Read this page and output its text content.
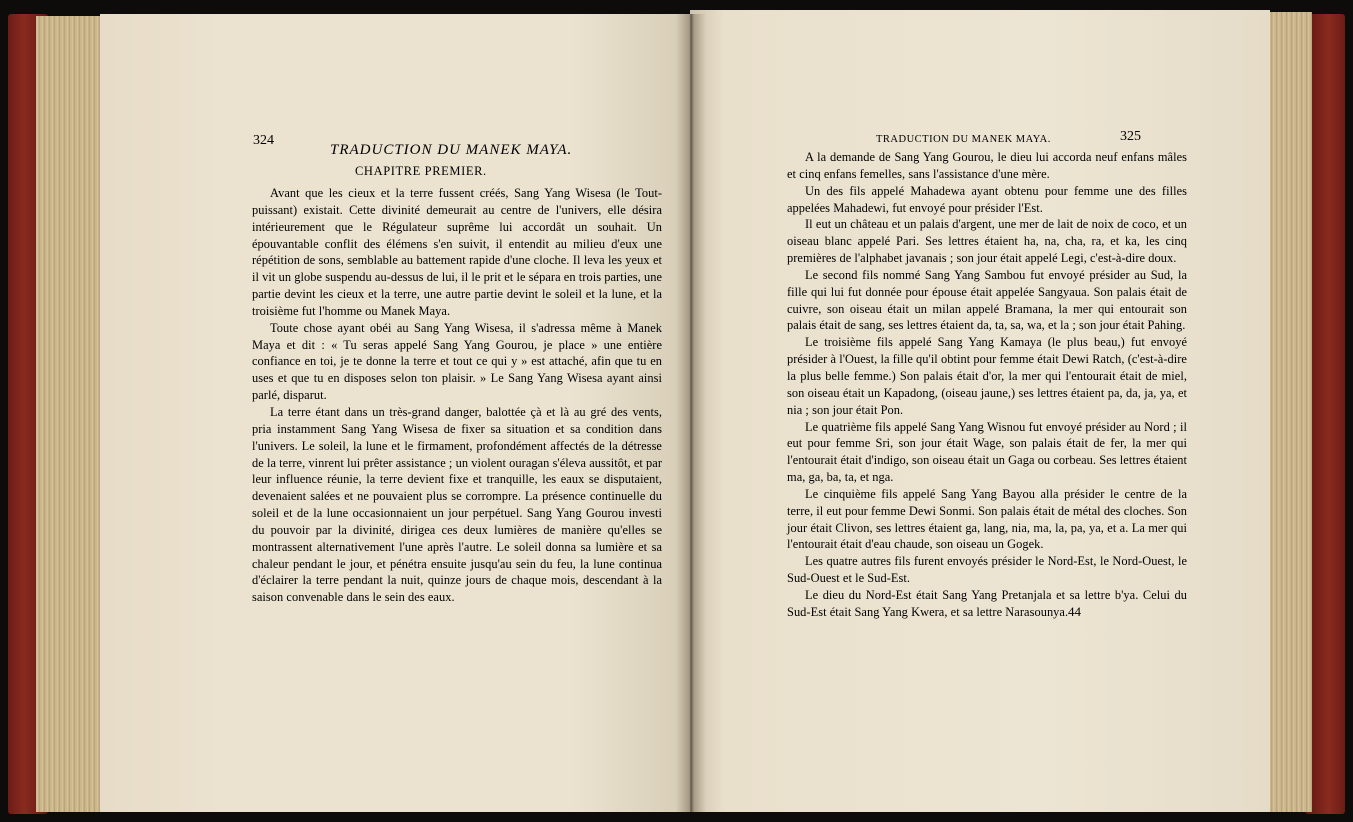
324
TRADUCTION DU MANEK MAYA.
CHAPITRE PREMIER.

Avant que les cieux et la terre fussent créés, Sang Yang Wisesa (le Tout-puissant) existait. Cette divinité demeurait au centre de l'univers, elle désira intérieurement que le Régulateur suprême lui accordât un souhait. Un épouvantable conflit des élémens s'en suivit, il entendit au milieu d'eux une répétition de sons, semblable au battement rapide d'une cloche. Il leva les yeux et il vit un globe suspendu au-dessus de lui, il le prit et le sépara en trois parties, une partie devint les cieux et la terre, une autre partie devint le soleil et la lune, et la troisième fut l'homme ou Manek Maya.

Toute chose ayant obéi au Sang Yang Wisesa, il s'adressa même à Manek Maya et dit : « Tu seras appelé Sang Yang Gourou, je place » une entière confiance en toi, je te donne la terre et tout ce qui y » est attaché, afin que tu en uses et que tu en disposes selon ton plaisir. » Le Sang Yang Wisesa ayant ainsi parlé, disparut.

La terre étant dans un très-grand danger, balottée çà et là au gré des vents, pria instamment Sang Yang Wisesa de fixer sa situation et sa condition dans l'univers. Le soleil, la lune et le firmament, profondément affectés de la détresse de la terre, vinrent lui prêter assistance ; un violent ouragan s'éleva aussitôt, et par leur influence réunie, la terre devient fixe et tranquille, les eaux se disputaient, devenaient salées et ne pouvaient plus se corrompre. La présence continuelle du soleil et de la lune occasionnaient un jour perpétuel. Sang Yang Gourou investi du pouvoir par la divinité, dirigea ces deux lumières de manière qu'elles se montrassent alternativement l'une après l'autre. Le soleil donna sa lumière et sa chaleur pendant le jour, et pénétra ensuite jusqu'au sein du feu, la lune continua d'éclairer la terre pendant la nuit, quinze jours de chaque mois, descendant à la saison convenable dans le sein des eaux.

TRADUCTION DU MANEK MAYA.	325

A la demande de Sang Yang Gourou, le dieu lui accorda neuf enfans mâles et cinq enfans femelles, sans l'assistance d'une mère.

Un des fils appelé Mahadewa ayant obtenu pour femme une des filles appelées Mahadewi, fut envoyé pour présider l'Est.

Il eut un château et un palais d'argent, une mer de lait de noix de coco, et un oiseau blanc appelé Pari. Ses lettres étaient ha, na, cha, ra, et ka, les cinq premières de l'alphabet javanais ; son jour était appelé Legi, c'est-à-dire doux.

Le second fils nommé Sang Yang Sambou fut envoyé présider au Sud, la fille qui lui fut donnée pour épouse était appelée Sangyaua. Son palais était de cuivre, son oiseau était un milan appelé Bramana, la mer qui entourait son palais était de sang, ses lettres étaient da, ta, sa, wa, et la ; son jour était Pahing.

Le troisième fils appelé Sang Yang Kamaya (le plus beau,) fut envoyé présider à l'Ouest, la fille qu'il obtint pour femme était Dewi Ratch, (c'est-à-dire la plus belle femme.) Son palais était d'or, la mer qui l'entourait était de miel, son oiseau était un Kapadong, (oiseau jaune,) ses lettres étaient pa, da, ja, ya, et nia ; son jour était Pon.

Le quatrième fils appelé Sang Yang Wisnou fut envoyé présider au Nord ; il eut pour femme Sri, son jour était Wage, son palais était de fer, la mer qui l'entourait était d'indigo, son oiseau était un Gaga ou corbeau. Ses lettres étaient ma, ga, ba, ta, et nga.

Le cinquième fils appelé Sang Yang Bayou alla présider le centre de la terre, il eut pour femme Dewi Sonmi. Son palais était de métal des cloches. Son jour était Clivon, ses lettres étaient ga, lang, nia, ma, la, pa, ya, et a. La mer qui l'entourait était d'eau chaude, son oiseau un Gogek.

Les quatre autres fils furent envoyés présider le Nord-Est, le Nord-Ouest, le Sud-Ouest et le Sud-Est.

Le dieu du Nord-Est était Sang Yang Pretanjala et sa lettre b'ya. Celui du Sud-Est était Sang Yang Kwera, et sa lettre Narasounya. 44
